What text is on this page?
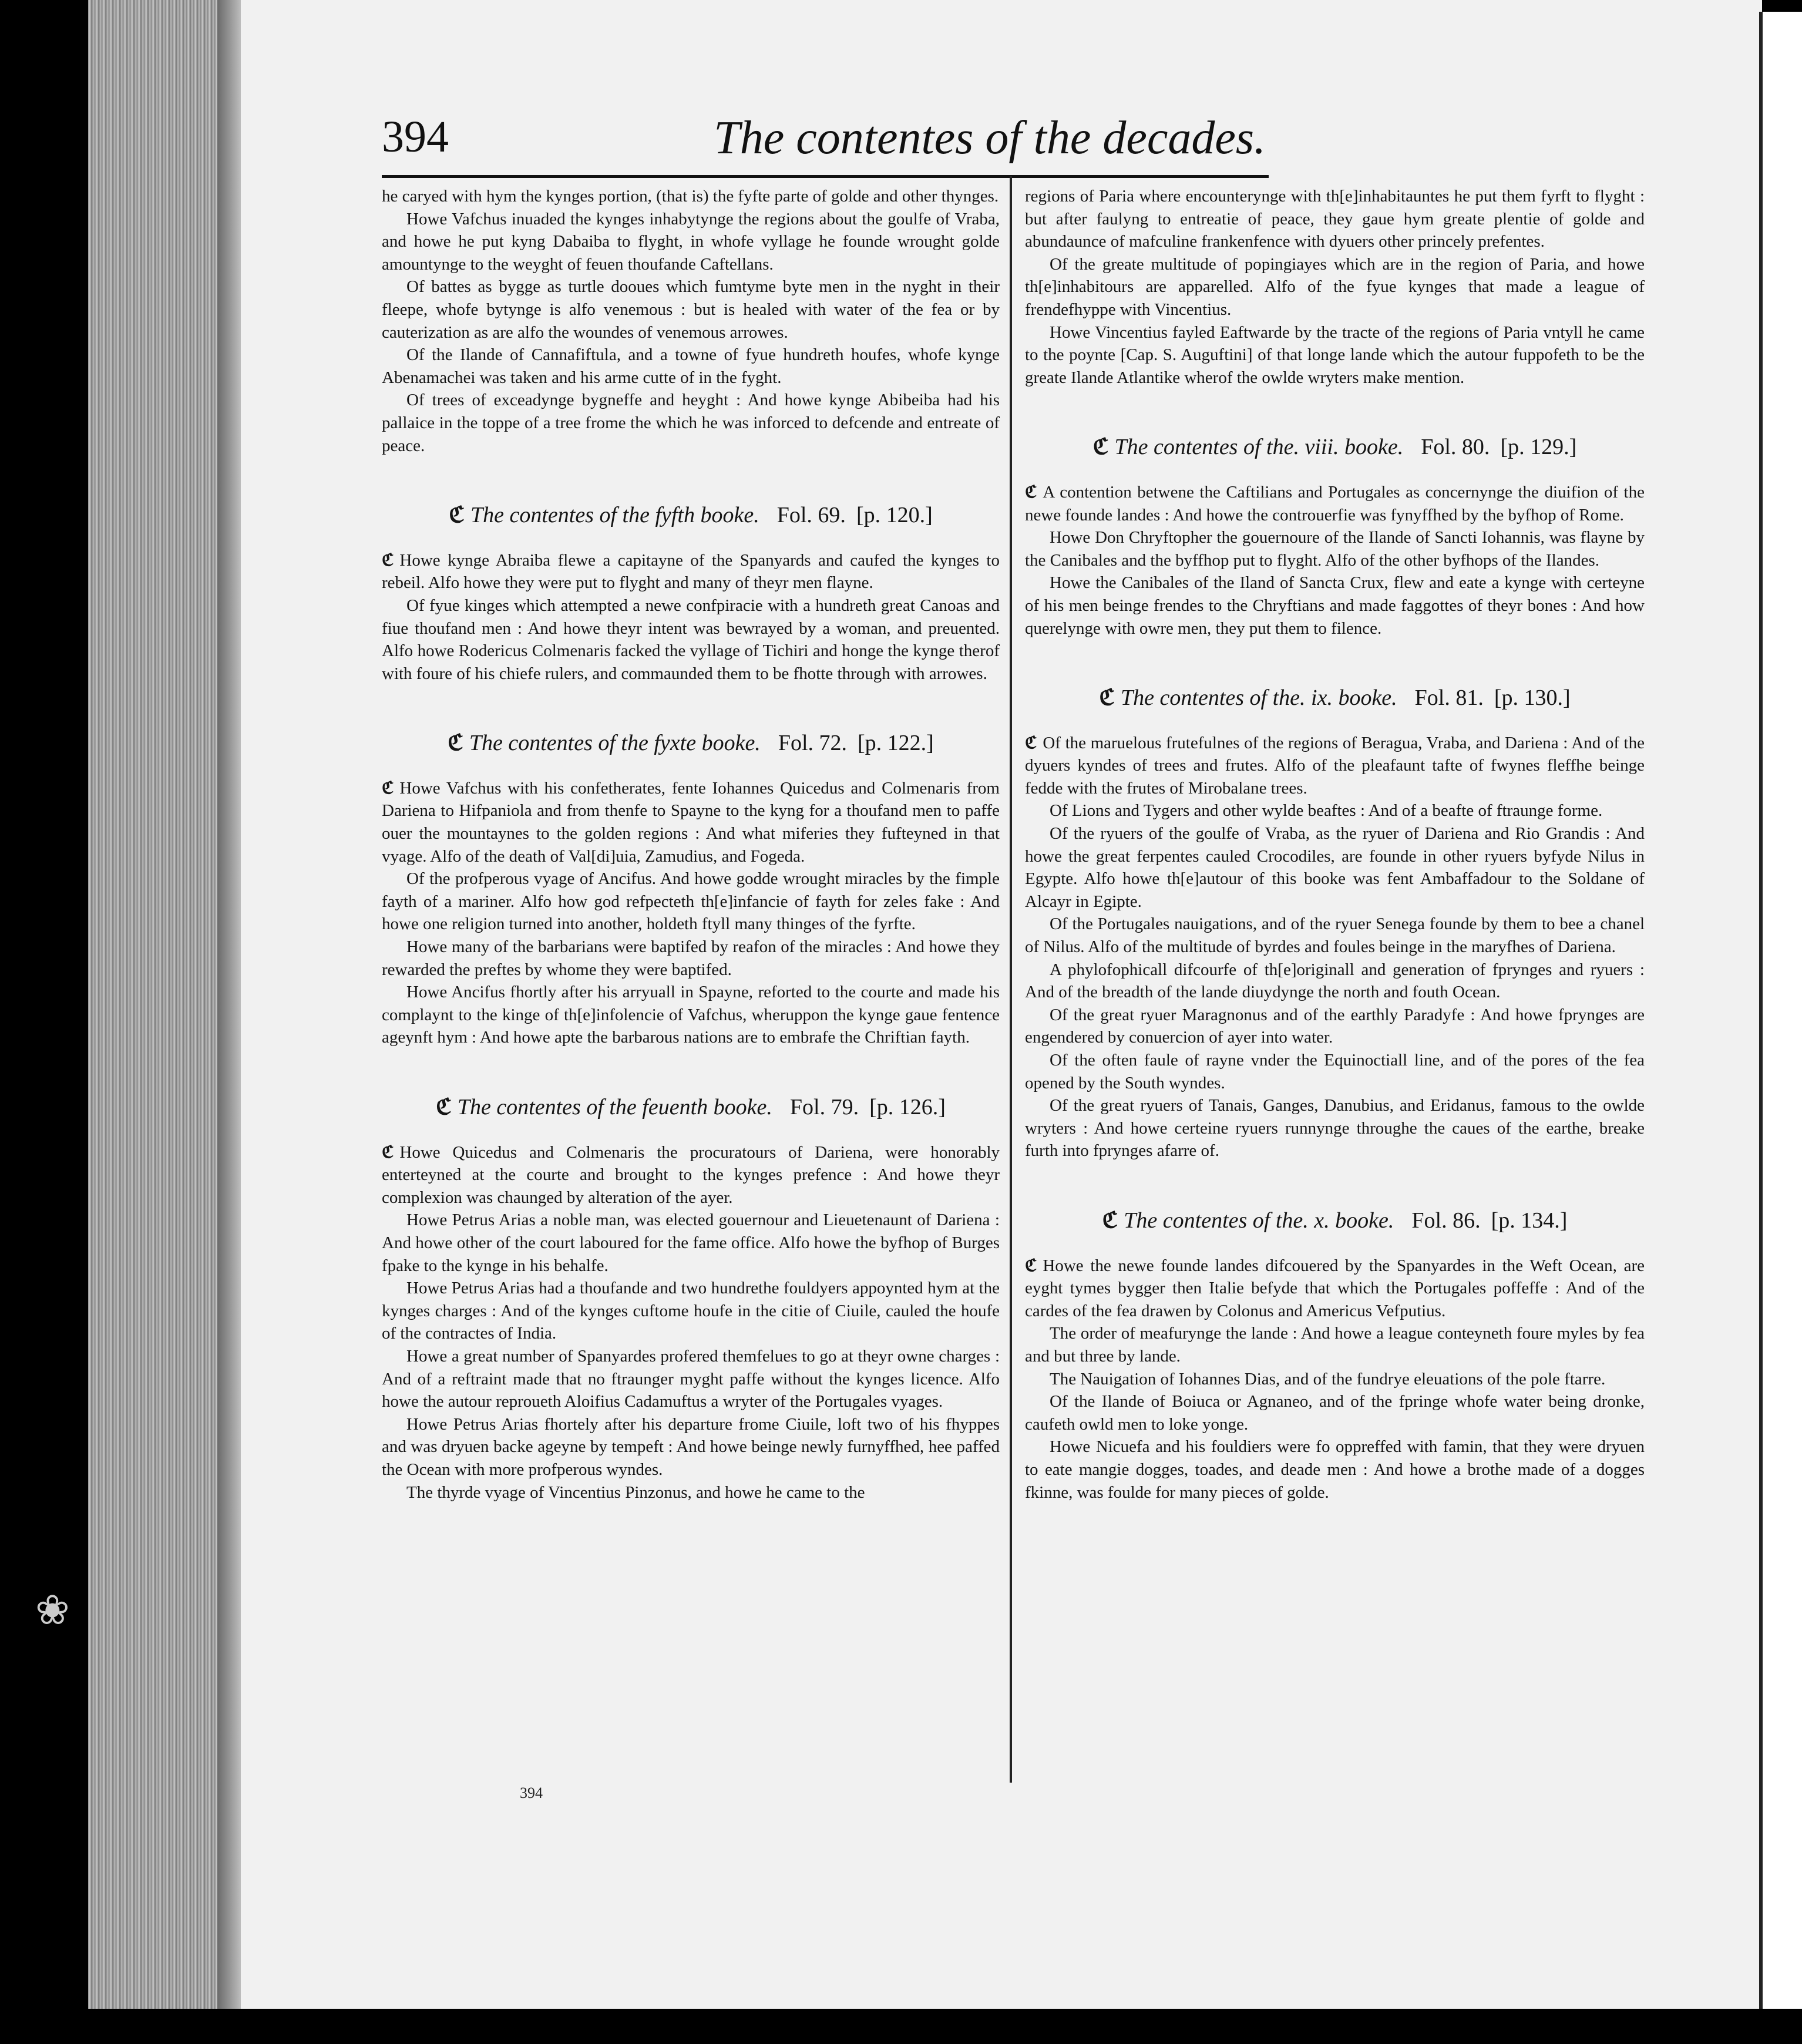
❀
394	The contentes of the decades.

he caryed with hym the kynges portion, (that is) the fyfte parte of golde and other thynges.

Howe Vafchus inuaded the kynges inhabytynge the regions about the goulfe of Vraba, and howe he put kyng Dabaiba to flyght, in whofe vyllage he founde wrought golde amountynge to the weyght of feuen thoufande Caftellans.

Of battes as bygge as turtle dooues which fumtyme byte men in the nyght in their fleepe, whofe bytynge is alfo venemous : but is healed with water of the fea or by cauterization as are alfo the woundes of venemous arrowes.

Of the Ilande of Cannafiftula, and a towne of fyue hundreth houfes, whofe kynge Abenamachei was taken and his arme cutte of in the fyght.

Of trees of exceadynge bygneffe and heyght : And howe kynge Abibeiba had his pallaice in the toppe of a tree frome the which he was inforced to defcende and entreate of peace.

ℭ The contentes of the fyfth booke. Fol. 69. [p. 120.]

ℭ Howe kynge Abraiba flewe a capitayne of the Spanyards and caufed the kynges to rebeil. Alfo howe they were put to flyght and many of theyr men flayne.

Of fyue kinges which attempted a newe confpiracie with a hundreth great Canoas and fiue thoufand men : And howe theyr intent was bewrayed by a woman, and preuented. Alfo howe Rodericus Colmenaris facked the vyllage of Tichiri and honge the kynge therof with foure of his chiefe rulers, and commaunded them to be fhotte through with arrowes.

ℭ The contentes of the fyxte booke. Fol. 72. [p. 122.]

ℭ Howe Vafchus with his confetherates, fente Iohannes Quicedus and Colmenaris from Dariena to Hifpaniola and from thenfe to Spayne to the kyng for a thoufand men to paffe ouer the mountaynes to the golden regions : And what miferies they fufteyned in that vyage. Alfo of the death of Val[di]uia, Zamudius, and Fogeda.

Of the profperous vyage of Ancifus. And howe godde wrought miracles by the fimple fayth of a mariner. Alfo how god refpecteth th[e]infancie of fayth for zeles fake : And howe one religion turned into another, holdeth ftyll many thinges of the fyrfte.

Howe many of the barbarians were baptifed by reafon of the miracles : And howe they rewarded the preftes by whome they were baptifed.

Howe Ancifus fhortly after his arryuall in Spayne, reforted to the courte and made his complaynt to the kinge of th[e]infolencie of Vafchus, wheruppon the kynge gaue fentence ageynft hym : And howe apte the barbarous nations are to embrafe the Chriftian fayth.

ℭ The contentes of the feuenth booke. Fol. 79. [p. 126.]

ℭ Howe Quicedus and Colmenaris the procuratours of Dariena, were honorably enterteyned at the courte and brought to the kynges prefence : And howe theyr complexion was chaunged by alteration of the ayer.

Howe Petrus Arias a noble man, was elected gouernour and Lieuetenaunt of Dariena : And howe other of the court laboured for the fame office. Alfo howe the byfhop of Burges fpake to the kynge in his behalfe.

Howe Petrus Arias had a thoufande and two hundrethe fouldyers appoynted hym at the kynges charges : And of the kynges cuftome houfe in the citie of Ciuile, cauled the houfe of the contractes of India.

Howe a great number of Spanyardes profered themfelues to go at theyr owne charges : And of a reftraint made that no ftraunger myght paffe without the kynges licence. Alfo howe the autour reproueth Aloifius Cadamuftus a wryter of the Portugales vyages.

Howe Petrus Arias fhortely after his departure frome Ciuile, loft two of his fhyppes and was dryuen backe ageyne by tempeft : And howe beinge newly furnyffhed, hee paffed the Ocean with more profperous wyndes.

The thyrde vyage of Vincentius Pinzonus, and howe he came to the

regions of Paria where encounterynge with th[e]inhabitauntes he put them fyrft to flyght : but after faulyng to entreatie of peace, they gaue hym greate plentie of golde and abundaunce of mafculine frankenfence with dyuers other princely prefentes.

Of the greate multitude of popingiayes which are in the region of Paria, and howe th[e]inhabitours are apparelled. Alfo of the fyue kynges that made a league of frendefhyppe with Vincentius.

Howe Vincentius fayled Eaftwarde by the tracte of the regions of Paria vntyll he came to the poynte [Cap. S. Auguftini] of that longe lande which the autour fuppofeth to be the greate Ilande Atlantike wherof the owlde wryters make mention.

ℭ The contentes of the. viii. booke. Fol. 80. [p. 129.]

ℭ A contention betwene the Caftilians and Portugales as concernynge the diuifion of the newe founde landes : And howe the controuerfie was fynyffhed by the byfhop of Rome.

Howe Don Chryftopher the gouernoure of the Ilande of Sancti Iohannis, was flayne by the Canibales and the byffhop put to flyght. Alfo of the other byfhops of the Ilandes.

Howe the Canibales of the Iland of Sancta Crux, flew and eate a kynge with certeyne of his men beinge frendes to the Chryftians and made faggottes of theyr bones : And how querelynge with owre men, they put them to filence.

ℭ The contentes of the. ix. booke. Fol. 81. [p. 130.]

ℭ Of the maruelous frutefulnes of the regions of Beragua, Vraba, and Dariena : And of the dyuers kyndes of trees and frutes. Alfo of the pleafaunt tafte of fwynes fleffhe beinge fedde with the frutes of Mirobalane trees.

Of Lions and Tygers and other wylde beaftes : And of a beafte of ftraunge forme.

Of the ryuers of the goulfe of Vraba, as the ryuer of Dariena and Rio Grandis : And howe the great ferpentes cauled Crocodiles, are founde in other ryuers byfyde Nilus in Egypte. Alfo howe th[e]autour of this booke was fent Ambaffadour to the Soldane of Alcayr in Egipte.

Of the Portugales nauigations, and of the ryuer Senega founde by them to bee a chanel of Nilus. Alfo of the multitude of byrdes and foules beinge in the maryfhes of Dariena.

A phylofophicall difcourfe of th[e]originall and generation of fprynges and ryuers : And of the breadth of the lande diuydynge the north and fouth Ocean.

Of the great ryuer Maragnonus and of the earthly Paradyfe : And howe fprynges are engendered by conuercion of ayer into water.

Of the often faule of rayne vnder the Equinoctiall line, and of the pores of the fea opened by the South wyndes.

Of the great ryuers of Tanais, Ganges, Danubius, and Eridanus, famous to the owlde wryters : And howe certeine ryuers runnynge throughe the caues of the earthe, breake furth into fprynges afarre of.

ℭ The contentes of the. x. booke. Fol. 86. [p. 134.]

ℭ Howe the newe founde landes difcouered by the Spanyardes in the Weft Ocean, are eyght tymes bygger then Italie befyde that which the Portugales poffeffe : And of the cardes of the fea drawen by Colonus and Americus Vefputius.

The order of meafurynge the lande : And howe a league conteyneth foure myles by fea and but three by lande.

The Nauigation of Iohannes Dias, and of the fundrye eleuations of the pole ftarre.

Of the Ilande of Boiuca or Agnaneo, and of the fpringe whofe water being dronke, caufeth owld men to loke yonge.

Howe Nicuefa and his fouldiers were fo oppreffed with famin, that they were dryuen to eate mangie dogges, toades, and deade men : And howe a brothe made of a dogges fkinne, was foulde for many pieces of golde.

394
